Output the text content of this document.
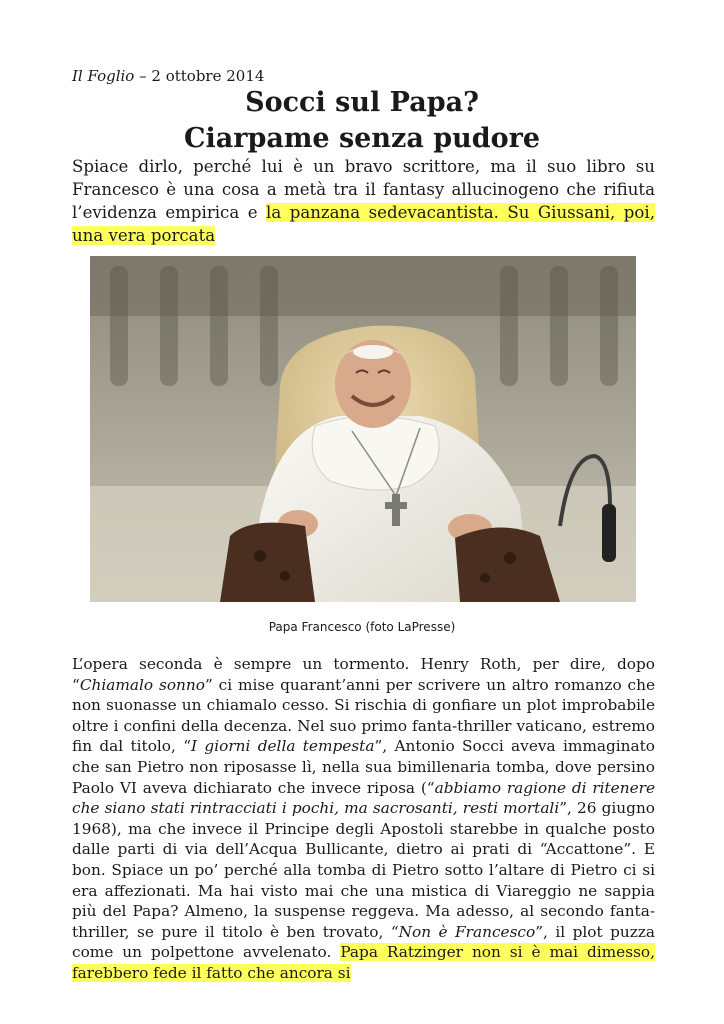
Il Foglio – 2 ottobre 2014
Socci sul Papa?
Ciarpame senza pudore

Spiace dirlo, perché lui è un bravo scrittore, ma il suo libro su Francesco è una cosa a metà tra il fantasy allucinogeno che rifiuta l’evidenza empirica e la panzana sedevacantista. Su Giussani, poi, una vera porcata

Papa Francesco (foto LaPresse)

L’opera seconda è sempre un tormento. Henry Roth, per dire, dopo “Chiamalo sonno” ci mise quarant’anni per scrivere un altro romanzo che non suonasse un chiamalo cesso. Si rischia di gonfiare un plot improbabile oltre i confini della decenza. Nel suo primo fanta-thriller vaticano, estremo fin dal titolo, “I giorni della tempesta”, Antonio Socci aveva immaginato che san Pietro non riposasse lì, nella sua bimillenaria tomba, dove persino Paolo VI aveva dichiarato che invece riposa (“abbiamo ragione di ritenere che siano stati rintracciati i pochi, ma sacrosanti, resti mortali”, 26 giugno 1968), ma che invece il Principe degli Apostoli starebbe in qualche posto dalle parti di via dell’Acqua Bullicante, dietro ai prati di “Accattone”. E bon. Spiace un po’ perché alla tomba di Pietro sotto l’altare di Pietro ci si era affezionati. Ma hai visto mai che una mistica di Viareggio ne sappia più del Papa? Almeno, la suspense reggeva. Ma adesso, al secondo fanta-thriller, se pure il titolo è ben trovato, “Non è Francesco”, il plot puzza come un polpettone avvelenato. Papa Ratzinger non si è mai dimesso, farebbero fede il fatto che ancora si
